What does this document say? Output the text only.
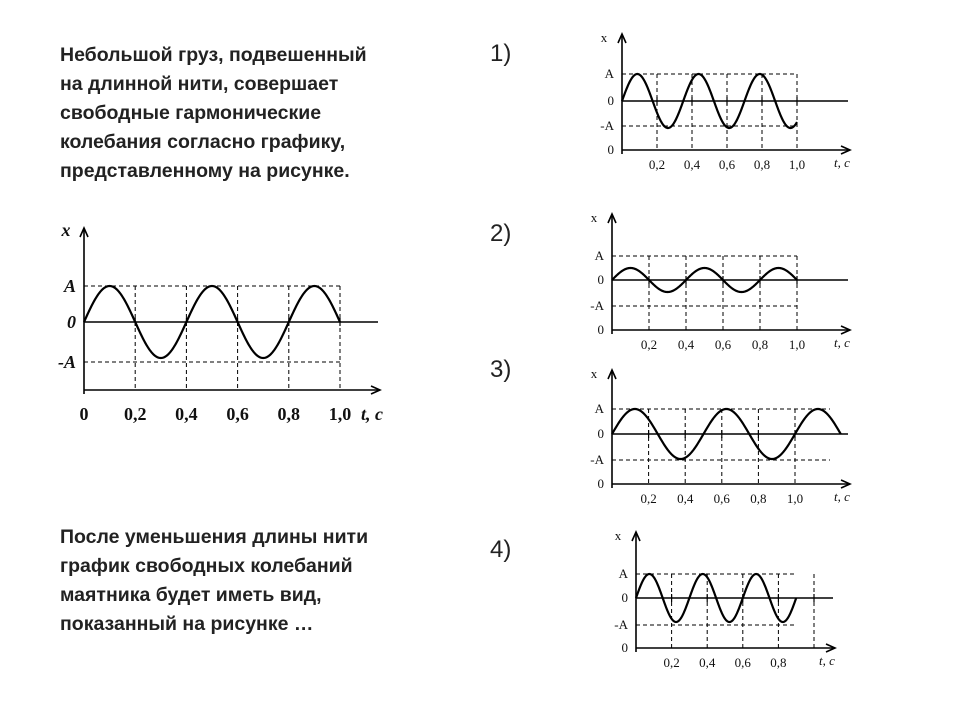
Небольшой груз, подвешенный
на длинной нити, совершает
свободные гармонические
колебания согласно графику,
представленному на рисунке.

После уменьшения длины нити
график свободных колебаний
маятника будет иметь вид,
показанный на рисунке …

1)
2)
3)
4)
x
A
0
-A
0 0,2 0,4 0,6 0,8 1,0 t, c
x
A
0
-A
0
0,2 0,4 0,6 0,8 1,0 t, c
x
A
0
-A
0
0,2 0,4 0,6 0,8 1,0 t, c
x
A
0
-A
0
0,2 0,4 0,6 0,8 1,0 t, c
x
A
0
-A
0
0,2 0,4 0,6 0,8	t, c
